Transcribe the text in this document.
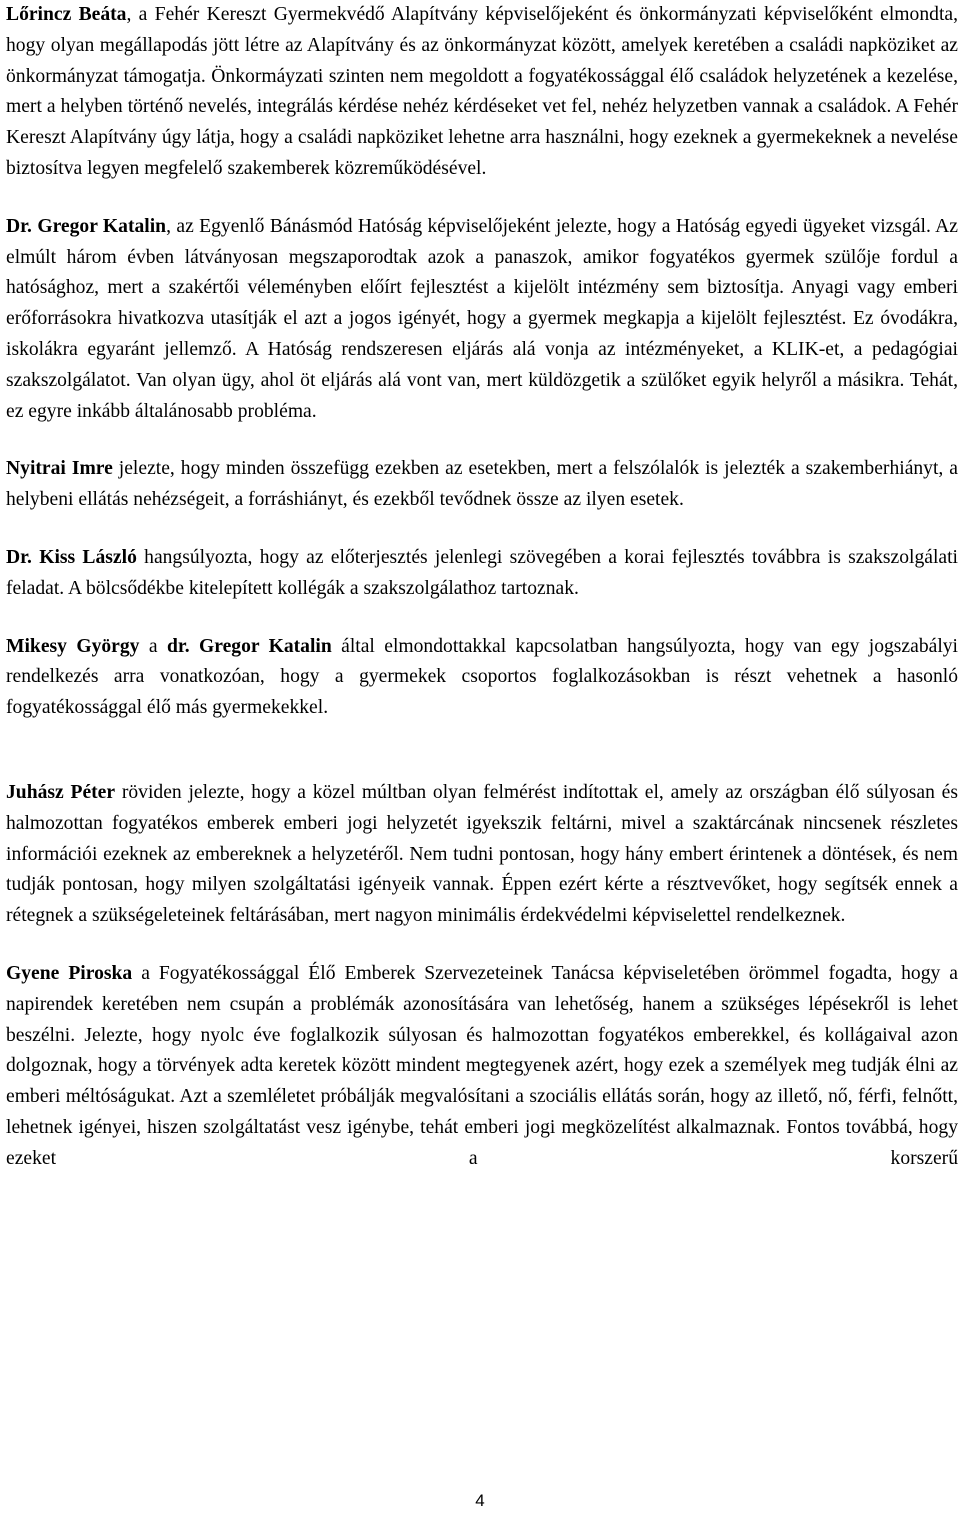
Lőrincz Beáta, a Fehér Kereszt Gyermekvédő Alapítvány képviselőjeként és önkormányzati képviselőként elmondta, hogy olyan megállapodás jött létre az Alapítvány és az önkormányzat között, amelyek keretében a családi napköziket az önkormányzat támogatja. Önkormáyzati szinten nem megoldott a fogyatékossággal élő családok helyzetének a kezelése, mert a helyben történő nevelés, integrálás kérdése nehéz kérdéseket vet fel, nehéz helyzetben vannak a családok. A Fehér Kereszt Alapítvány úgy látja, hogy a családi napköziket lehetne arra használni, hogy ezeknek a gyermekeknek a nevelése biztosítva legyen megfelelő szakemberek közreműködésével.

Dr. Gregor Katalin, az Egyenlő Bánásmód Hatóság képviselőjeként jelezte, hogy a Hatóság egyedi ügyeket vizsgál. Az elmúlt három évben látványosan megszaporodtak azok a panaszok, amikor fogyatékos gyermek szülője fordul a hatósághoz, mert a szakértői véleményben előírt fejlesztést a kijelölt intézmény sem biztosítja. Anyagi vagy emberi erőforrásokra hivatkozva utasítják el azt a jogos igényét, hogy a gyermek megkapja a kijelölt fejlesztést. Ez óvodákra, iskolákra egyaránt jellemző. A Hatóság rendszeresen eljárás alá vonja az intézményeket, a KLIK-et, a pedagógiai szakszolgálatot. Van olyan ügy, ahol öt eljárás alá vont van, mert küldözgetik a szülőket egyik helyről a másikra. Tehát, ez egyre inkább általánosabb probléma.

Nyitrai Imre jelezte, hogy minden összefügg ezekben az esetekben, mert a felszólalók is jelezték a szakemberhiányt, a helybeni ellátás nehézségeit, a forráshiányt, és ezekből tevődnek össze az ilyen esetek.

Dr. Kiss László hangsúlyozta, hogy az előterjesztés jelenlegi szövegében a korai fejlesztés továbbra is szakszolgálati feladat. A bölcsődékbe kitelepített kollégák a szakszolgálathoz tartoznak.

Mikesy György a dr. Gregor Katalin által elmondottakkal kapcsolatban hangsúlyozta, hogy van egy jogszabályi rendelkezés arra vonatkozóan, hogy a gyermekek csoportos foglalkozásokban is részt vehetnek a hasonló fogyatékossággal élő más gyermekekkel.

Juhász Péter röviden jelezte, hogy a közel múltban olyan felmérést indítottak el, amely az országban élő súlyosan és halmozottan fogyatékos emberek emberi jogi helyzetét igyekszik feltárni, mivel a szaktárcának nincsenek részletes információi ezeknek az embereknek a helyzetéről. Nem tudni pontosan, hogy hány embert érintenek a döntések, és nem tudják pontosan, hogy milyen szolgáltatási igényeik vannak. Éppen ezért kérte a résztvevőket, hogy segítsék ennek a rétegnek a szükségeleteinek feltárásában, mert nagyon minimális érdekvédelmi képviselettel rendelkeznek.

Gyene Piroska a Fogyatékossággal Élő Emberek Szervezeteinek Tanácsa képviseletében örömmel fogadta, hogy a napirendek keretében nem csupán a problémák azonosítására van lehetőség, hanem a szükséges lépésekről is lehet beszélni. Jelezte, hogy nyolc éve foglalkozik súlyosan és halmozottan fogyatékos emberekkel, és kollágaival azon dolgoznak, hogy a törvények adta keretek között mindent megtegyenek azért, hogy ezek a személyek meg tudják élni az emberi méltóságukat. Azt a szemléletet próbálják megvalósítani a szociális ellátás során, hogy az illető, nő, férfi, felnőtt, lehetnek igényei, hiszen szolgáltatást vesz igénybe, tehát emberi jogi megközelítést alkalmaznak. Fontos továbbá, hogy ezeket a korszerű

4
